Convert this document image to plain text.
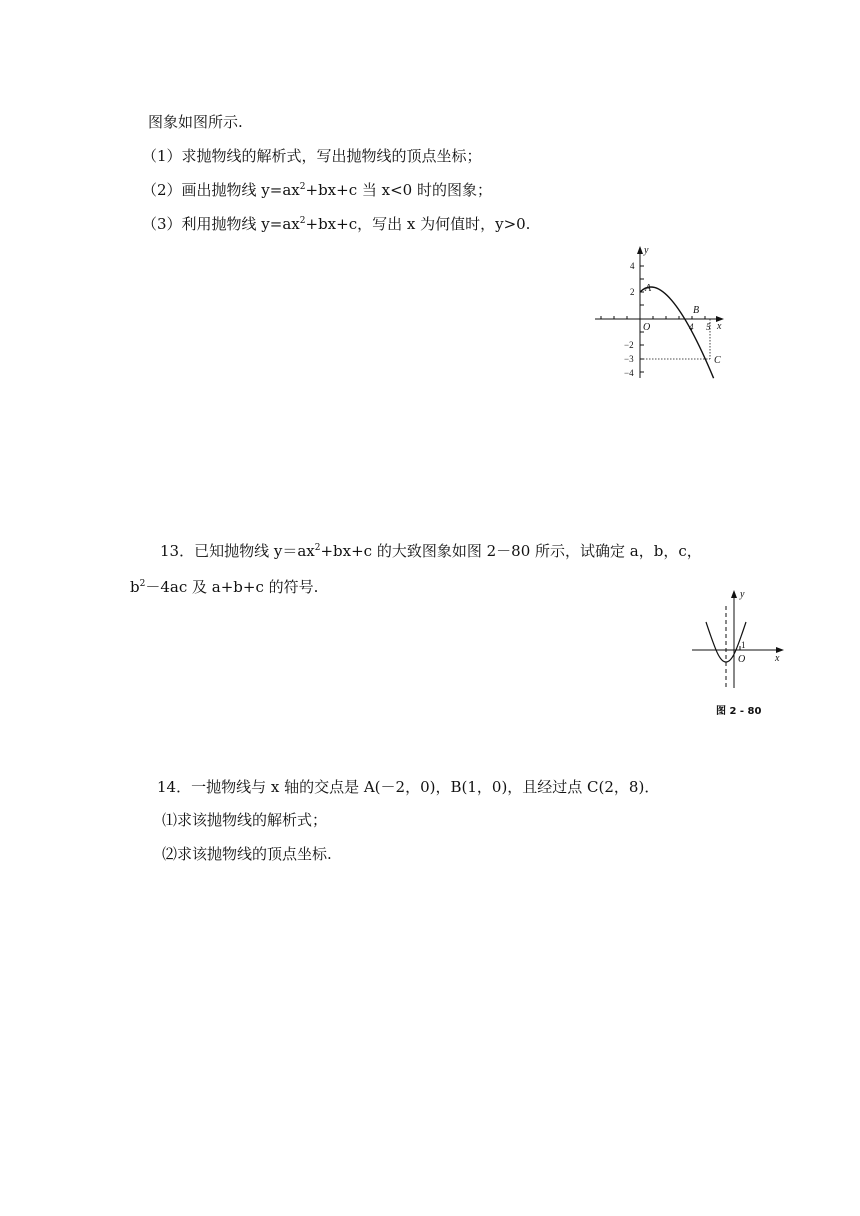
图象如图所示.
（1）求抛物线的解析式，写出抛物线的顶点坐标；
（2）画出抛物线 $y=ax^2+bx+c$ 当 x<0 时的图象；
（3）利用抛物线 $y=ax^2+bx+c$，写出 x 为何值时，y>0.
y
x
O
4
2
−2
−3
−4
4 5
A
B
C
13．已知抛物线 $y=ax^2+bx+c$ 的大致图象如图 2－80 所示，试确定 a，b，c，
$b^2-4ac$ 及 a+b+c 的符号.	y
x
1
O
图 2 - 80
14．一抛物线与 x 轴的交点是 A(－2，0)，B(1，0)，且经过点 C(2，8)．
⑴求该抛物线的解析式；
⑵求该抛物线的顶点坐标.
